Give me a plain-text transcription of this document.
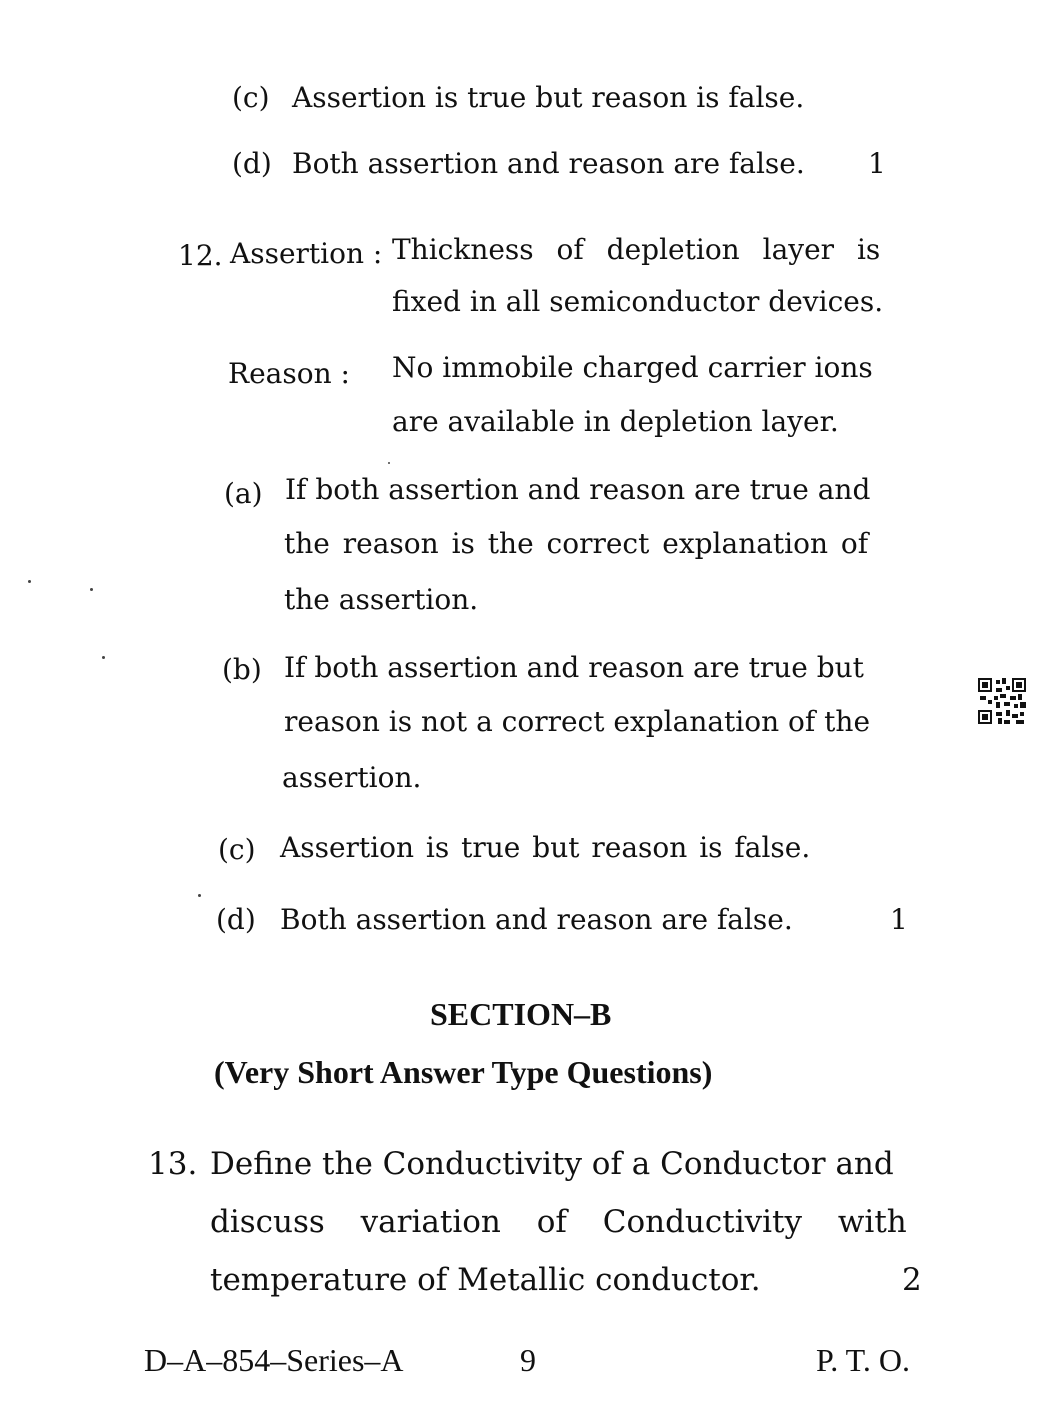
(c) Assertion is true but reason is false.
(d) Both assertion and reason are false. 1
12. Assertion : Thickness of depletion layer is
fixed in all semiconductor devices.
Reason : No immobile charged carrier ions
are available in depletion layer.
(a) If both assertion and reason are true and
the reason is the correct explanation of
the assertion.
(b) If both assertion and reason are true but
reason is not a correct explanation of the
assertion.
(c) Assertion is true but reason is false.
(d) Both assertion and reason are false.	1
SECTION–B
(Very Short Answer Type Questions)
13. Define the Conductivity of a Conductor and
discuss variation of Conductivity with
temperature of Metallic conductor.	2
D–A–854–Series–A	9	P. T. O.
